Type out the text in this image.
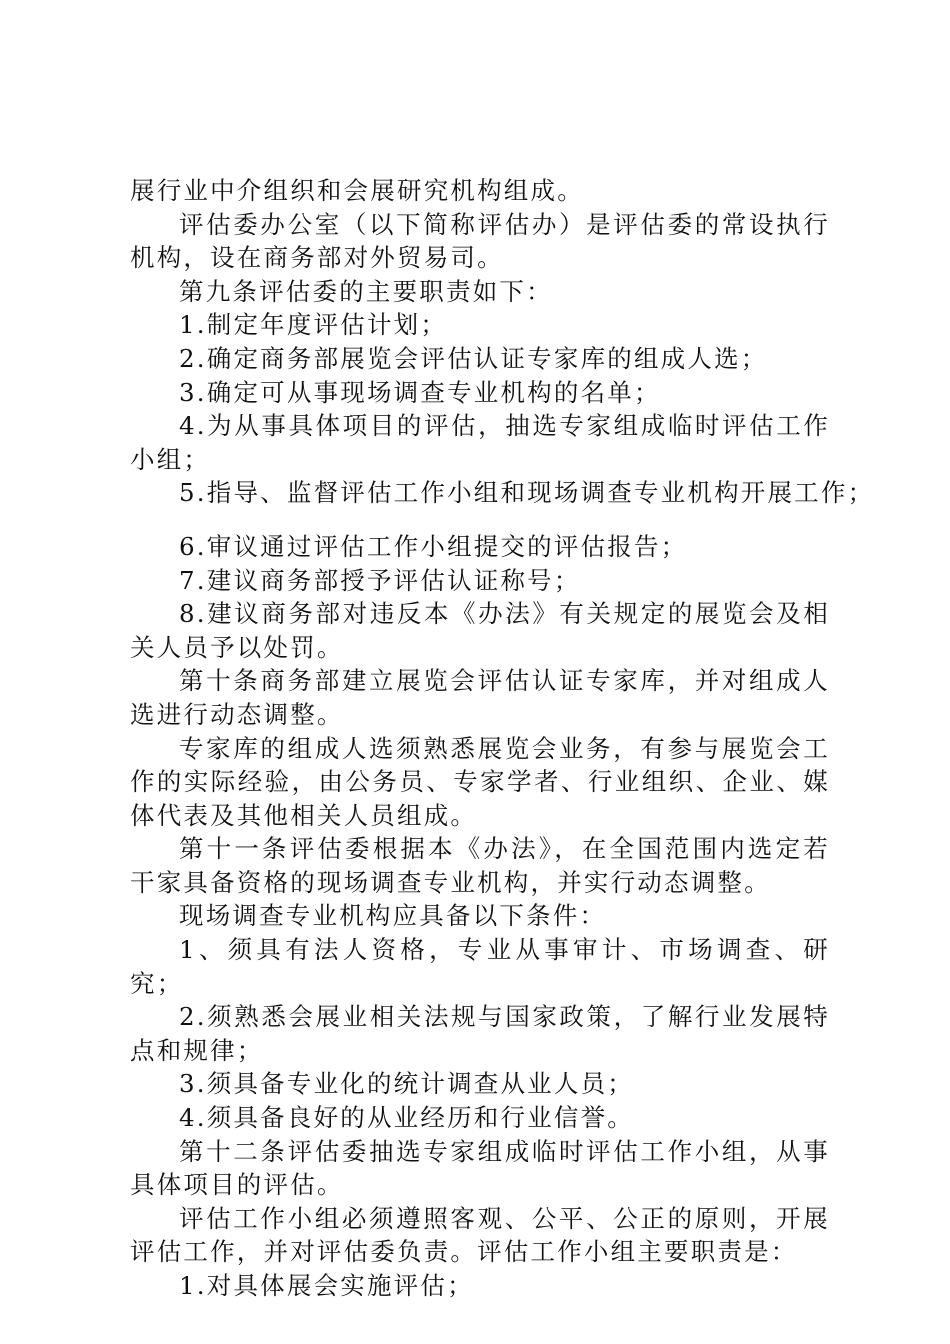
展行业中介组织和会展研究机构组成。

评估委办公室（以下简称评估办）是评估委的常设执行机构，设在商务部对外贸易司。

第九条评估委的主要职责如下：

1.制定年度评估计划；

2.确定商务部展览会评估认证专家库的组成人选；

3.确定可从事现场调查专业机构的名单；

4.为从事具体项目的评估，抽选专家组成临时评估工作小组；

5.指导、监督评估工作小组和现场调查专业机构开展工作；

6.审议通过评估工作小组提交的评估报告；

7.建议商务部授予评估认证称号；

8.建议商务部对违反本《办法》有关规定的展览会及相关人员予以处罚。

第十条商务部建立展览会评估认证专家库，并对组成人选进行动态调整。

专家库的组成人选须熟悉展览会业务，有参与展览会工作的实际经验，由公务员、专家学者、行业组织、企业、媒体代表及其他相关人员组成。

第十一条评估委根据本《办法》，在全国范围内选定若干家具备资格的现场调查专业机构，并实行动态调整。

现场调查专业机构应具备以下条件：

1、须具有法人资格，专业从事审计、市场调查、研究；

2.须熟悉会展业相关法规与国家政策，了解行业发展特点和规律；

3.须具备专业化的统计调查从业人员；

4.须具备良好的从业经历和行业信誉。

第十二条评估委抽选专家组成临时评估工作小组，从事具体项目的评估。

评估工作小组必须遵照客观、公平、公正的原则，开展评估工作，并对评估委负责。评估工作小组主要职责是：

1.对具体展会实施评估；
